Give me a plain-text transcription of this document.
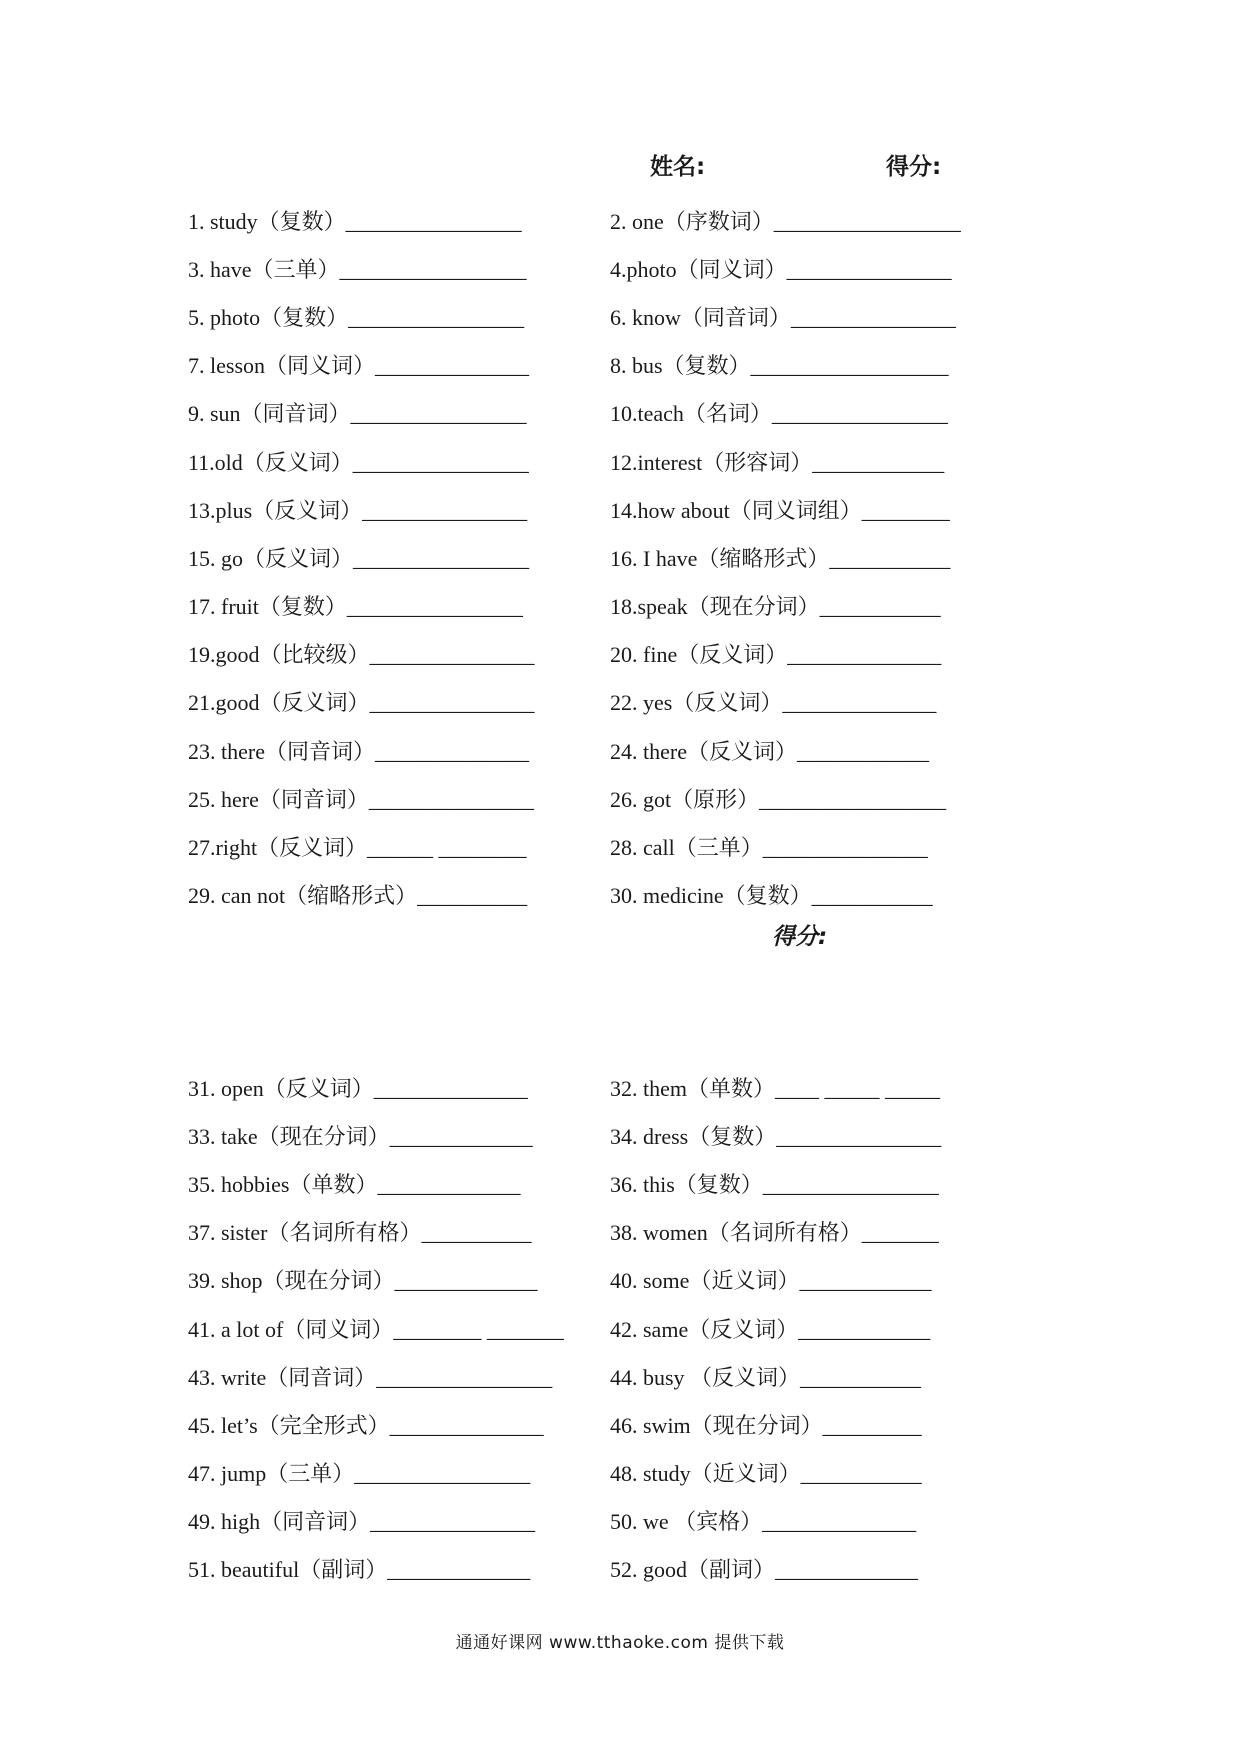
姓名:	得分:
1. study（复数）________________	2. one（序数词）_________________
3. have（三单）_________________	4.photo（同义词）_______________
5. photo（复数）________________	6. know（同音词）_______________
7. lesson（同义词）______________	8. bus（复数）__________________
9. sun（同音词）________________	10.teach（名词）________________
11.old（反义词）________________	12.interest（形容词）____________
13.plus（反义词）_______________	14.how about（同义词组）________
15. go（反义词）________________	16. I have（缩略形式）___________
17. fruit（复数）________________	18.speak（现在分词）___________
19.good（比较级）_______________	20. fine（反义词）______________
21.good（反义词）_______________	22. yes（反义词）______________
23. there（同音词）______________	24. there（反义词）____________
25. here（同音词）_______________	26. got（原形）_________________
27.right（反义词）______ ________	28. call（三单）_______________
29. can not（缩略形式）__________	30. medicine（复数）___________
得分:
31. open（反义词）______________	32. them（单数）____ _____ _____
33. take（现在分词）_____________	34. dress（复数）_______________
35. hobbies（单数）_____________	36. this（复数）________________
37. sister（名词所有格）__________	38. women（名词所有格）_______
39. shop（现在分词）_____________	40. some（近义词）____________
41. a lot of（同义词）________ _______	42. same（反义词）____________
43. write（同音词）________________	44. busy （反义词）___________
45. let’s（完全形式）______________	46. swim（现在分词）_________
47. jump（三单）________________	48. study（近义词）___________
49. high（同音词）_______________	50. we （宾格）______________
51. beautiful（副词）_____________	52. good（副词）_____________
通通好课网 www.tthaoke.com 提供下载
